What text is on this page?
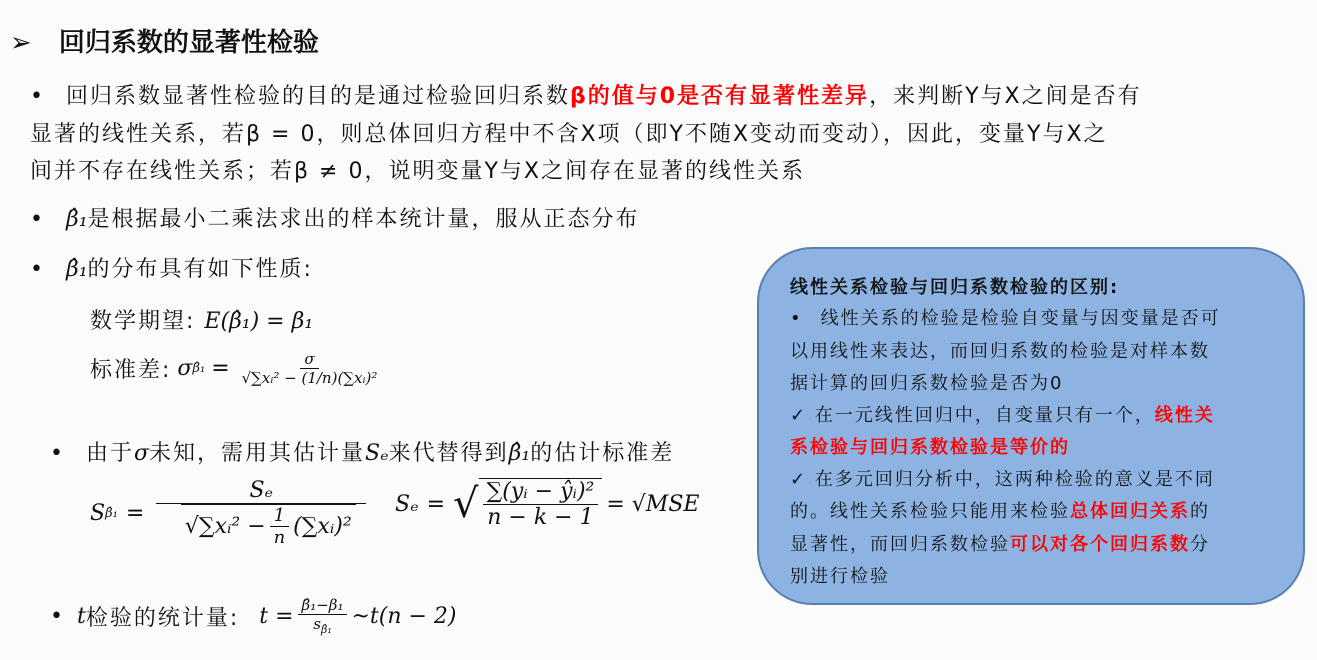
➢ 回归系数的显著性检验
• 回归系数显著性检验的目的是通过检验回归系数β的值与0是否有显著性差异，来判断Y与X之间是否有
显著的线性关系，若β = 0，则总体回归方程中不含X项（即Y不随X变动而变动），因此，变量Y与X之
间并不存在线性关系；若β ≠ 0，说明变量Y与X之间存在显著的线性关系
• β̂₁是根据最小二乘法求出的样本统计量，服从正态分布
• β̂₁的分布具有如下性质:
数学期望: E(β̂₁) = β₁
标准差: σ β̂₁ = $\frac{\sigma}{\text{√∑xᵢ² − (1/n)(∑xᵢ)²}}$
• 由于σ未知，需用其估计量Sₑ来代替得到β̂₁的估计标准差
S β̂₁ = $\frac{\text{Sₑ}}{√ \sum xᵢ^2 - \frac{1}{n} (\sum xᵢ)^2}$ Sₑ = √ $\frac{\text{∑(yᵢ − ŷᵢ)²}}{n - k - 1} = √MSE$
• t 检验的统计量: $t = \frac{\text{β̂₁−β₁}}{s_{\betâ_1}}$ ~t(n − 2)
线性关系检验与回归系数检验的区别:
• 线性关系的检验是检验自变量与因变量是否可
以用线性来表达，而回归系数的检验是对样本数
据计算的回归系数检验是否为0
✓ 在一元线性回归中，自变量只有一个，线性关
系检验与回归系数检验是等价的
✓ 在多元回归分析中，这两种检验的意义是不同
的。线性关系检验只能用来检验总体回归关系的
显著性，而回归系数检验可以对各个回归系数分
别进行检验
